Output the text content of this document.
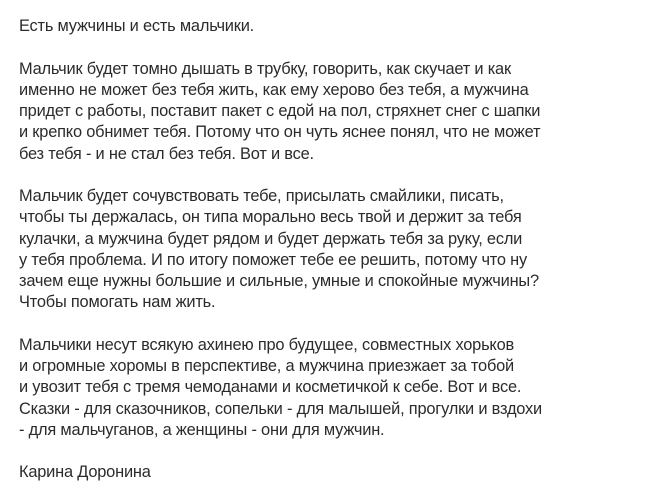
Есть мужчины и есть мальчики.

Мальчик будет томно дышать в трубку, говорить, как скучает и как
именно не может без тебя жить, как ему херово без тебя, а мужчина
придет с работы, поставит пакет с едой на пол, стряхнет снег с шапки
и крепко обнимет тебя. Потому что он чуть яснее понял, что не может
без тебя - и не стал без тебя. Вот и все.

Мальчик будет сочувствовать тебе, присылать смайлики, писать,
чтобы ты держалась, он типа морально весь твой и держит за тебя
кулачки, а мужчина будет рядом и будет держать тебя за руку, если
у тебя проблема. И по итогу поможет тебе ее решить, потому что ну
зачем еще нужны большие и сильные, умные и спокойные мужчины?
Чтобы помогать нам жить.

Мальчики несут всякую ахинею про будущее, совместных хорьков
и огромные хоромы в перспективе, а мужчина приезжает за тобой
и увозит тебя с тремя чемоданами и косметичкой к себе. Вот и все.
Сказки - для сказочников, сопельки - для малышей, прогулки и вздохи
- для мальчуганов, а женщины - они для мужчин.

Карина Доронина
